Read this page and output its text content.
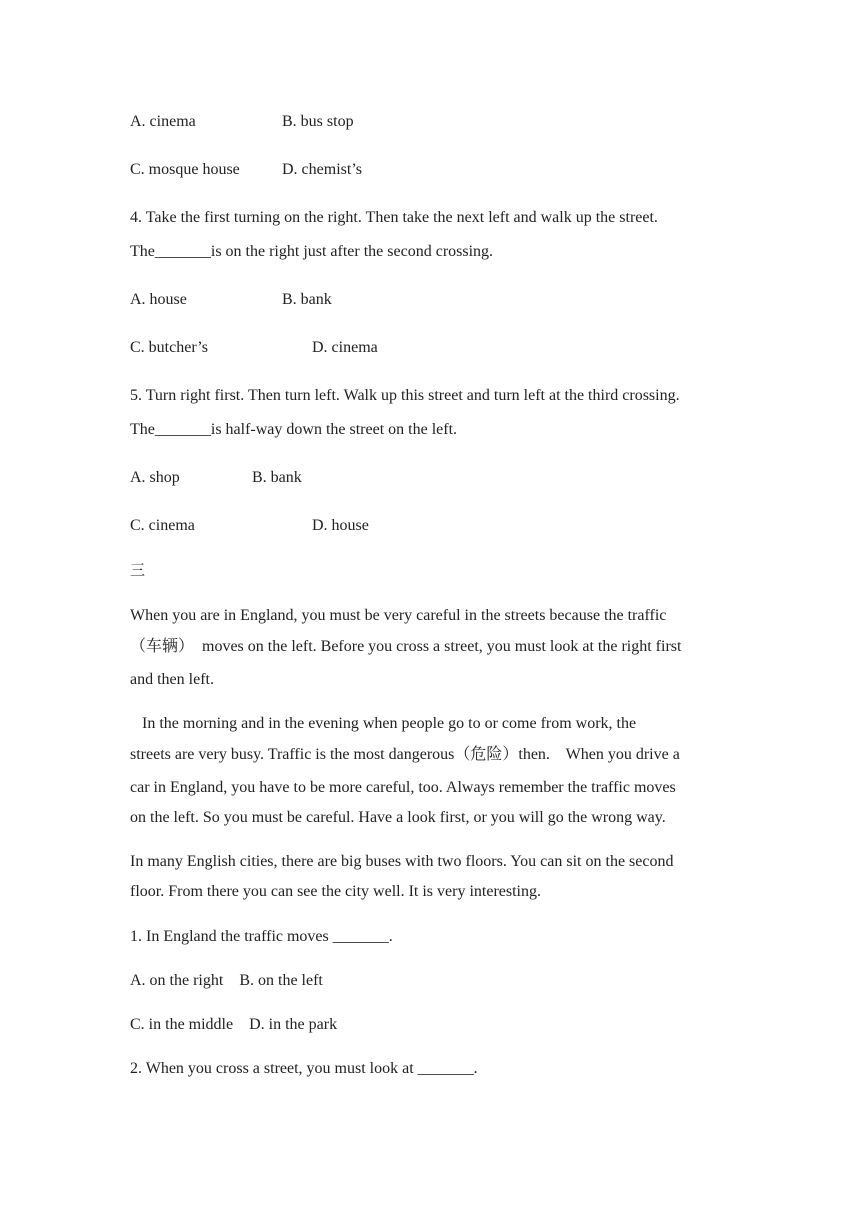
A. cinema	B. bus stop
C. mosque house	D. chemist’s
4. Take the first turning on the right. Then take the next left and walk up the street.
The_______is on the right just after the second crossing.
A. house	B. bank
C. butcher’s	D. cinema
5. Turn right first. Then turn left. Walk up this street and turn left at the third crossing.
The_______is half-way down the street on the left.
A. shop	B. bank
C. cinema	D. house
三
When you are in England, you must be very careful in the streets because the traffic
（车辆）  moves on the left. Before you cross a street, you must look at the right first
and then left.
In the morning and in the evening when people go to or come from work, the
streets are very busy. Traffic is the most dangerous（危险）then.    When you drive a
car in England, you have to be more careful, too. Always remember the traffic moves
on the left. So you must be careful. Have a look first, or you will go the wrong way.
In many English cities, there are big buses with two floors. You can sit on the second
floor. From there you can see the city well. It is very interesting.
1. In England the traffic moves _______.
A. on the right    B. on the left
C. in the middle    D. in the park
2. When you cross a street, you must look at _______.
